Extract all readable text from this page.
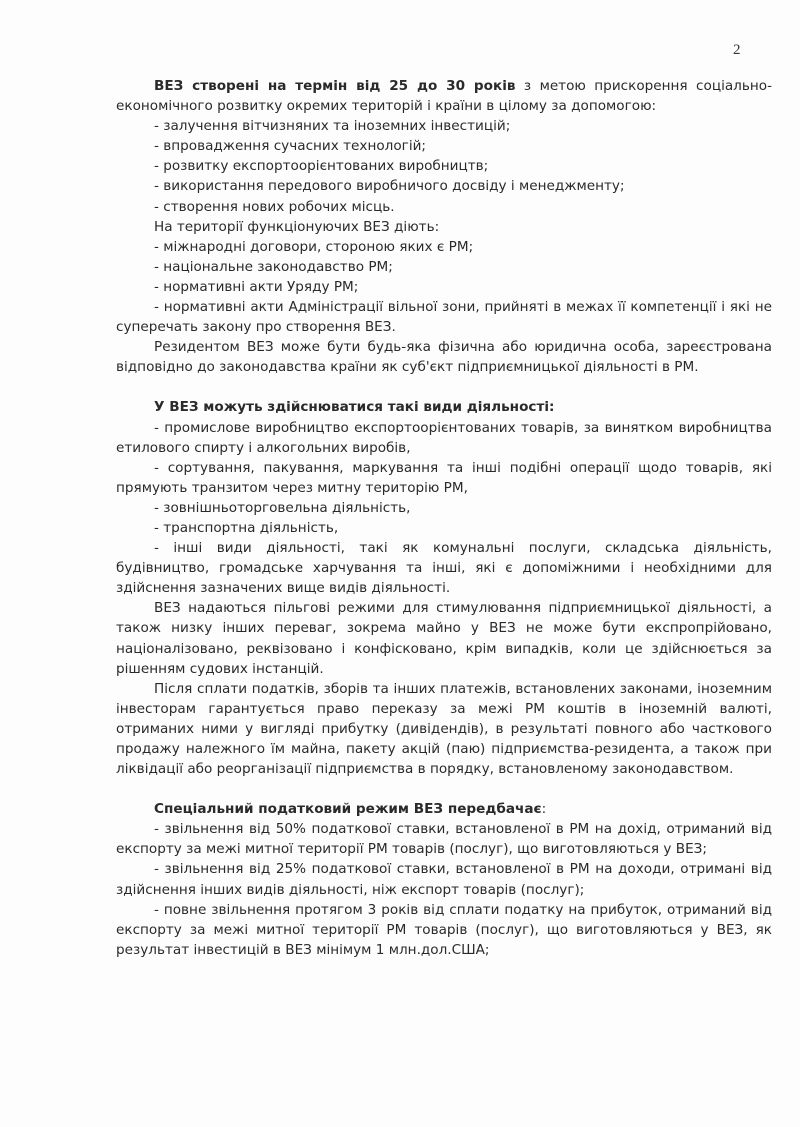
2

ВЕЗ створені на термін від 25 до 30 років з метою прискорення соціально-економічного розвитку окремих територій і країни в цілому за допомогою:

- залучення вітчизняних та іноземних інвестицій;

- впровадження сучасних технологій;

- розвитку експортоорієнтованих виробництв;

- використання передового виробничого досвіду і менеджменту;

- створення нових робочих місць.

На території функціонуючих ВЕЗ діють:

- міжнародні договори, стороною яких є РМ;

- національне законодавство РМ;

- нормативні акти Уряду РМ;

- нормативні акти Адміністрації вільної зони, прийняті в межах її компетенції і які не суперечать закону про створення ВЕЗ.

Резидентом ВЕЗ може бути будь-яка фізична або юридична особа, зареєстрована відповідно до законодавства країни як суб'єкт підприємницької діяльності в РМ.

У ВЕЗ можуть здійснюватися такі види діяльності:

- промислове виробництво експортоорієнтованих товарів, за винятком виробництва етилового спирту і алкогольних виробів,

- сортування, пакування, маркування та інші подібні операції щодо товарів, які прямують транзитом через митну територію РМ,

- зовнішньоторговельна діяльність,

- транспортна діяльність,

- інші види діяльності, такі як комунальні послуги, складська діяльність, будівництво, громадське харчування та інші, які є допоміжними і необхідними для здійснення зазначених вище видів діяльності.

ВЕЗ надаються пільгові режими для стимулювання підприємницької діяльності, а також низку інших переваг, зокрема майно у ВЕЗ не може бути експропрійовано, націоналізовано, реквізовано і конфісковано, крім випадків, коли це здійснюється за рішенням судових інстанцій.

Після сплати податків, зборів та інших платежів, встановлених законами, іноземним інвесторам гарантується право переказу за межі РМ коштів в іноземній валюті, отриманих ними у вигляді прибутку (дивідендів), в результаті повного або часткового продажу належного їм майна, пакету акцій (паю) підприємства-резидента, а також при ліквідації або реорганізації підприємства в порядку, встановленому законодавством.

Спеціальний податковий режим ВЕЗ передбачає:

- звільнення від 50% податкової ставки, встановленої в РМ на дохід, отриманий від експорту за межі митної території РМ товарів (послуг), що виготовляються у ВЕЗ;

- звільнення від 25% податкової ставки, встановленої в РМ на доходи, отримані від здійснення інших видів діяльності, ніж експорт товарів (послуг);

- повне звільнення протягом 3 років від сплати податку на прибуток, отриманий від експорту за межі митної території РМ товарів (послуг), що виготовляються у ВЕЗ, як результат інвестицій в ВЕЗ мінімум 1 млн.дол.США;
